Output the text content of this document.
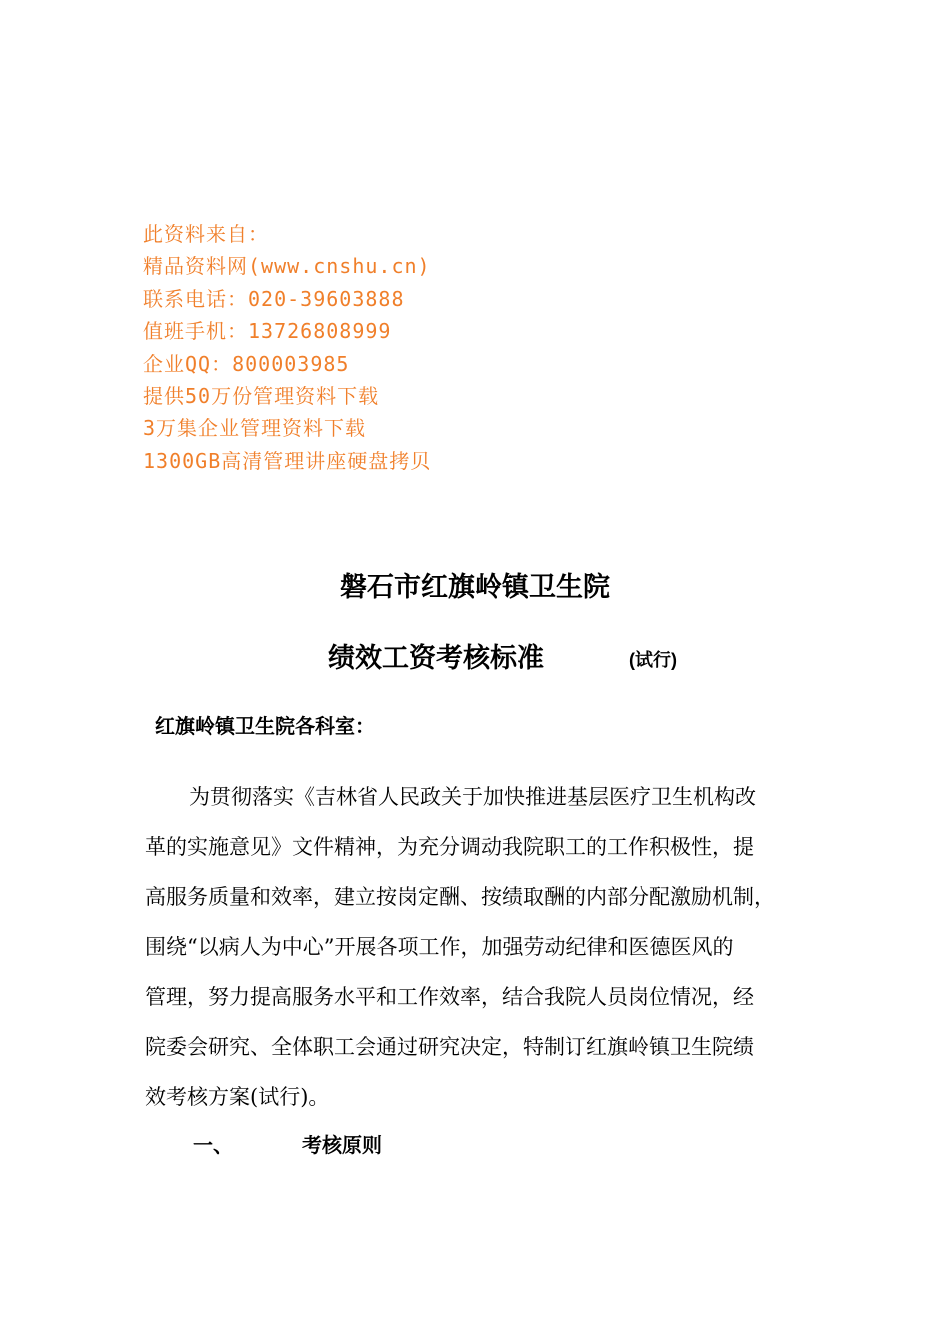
此资料来自：
精品资料网(www.cnshu.cn)
联系电话：020-39603888
值班手机：13726808999
企业QQ：800003985
提供50万份管理资料下载
3万集企业管理资料下载
1300GB高清管理讲座硬盘拷贝
磐石市红旗岭镇卫生院
绩效工资考核标准	(试行)
红旗岭镇卫生院各科室：
为贯彻落实《吉林省人民政关于加快推进基层医疗卫生机构改
革的实施意见》文件精神，为充分调动我院职工的工作积极性，提
高服务质量和效率，建立按岗定酬、按绩取酬的内部分配激励机制，
围绕“以病人为中心”开展各项工作，加强劳动纪律和医德医风的
管理，努力提高服务水平和工作效率，结合我院人员岗位情况，经
院委会研究、全体职工会通过研究决定，特制订红旗岭镇卫生院绩
效考核方案(试行)。
一、	考核原则
